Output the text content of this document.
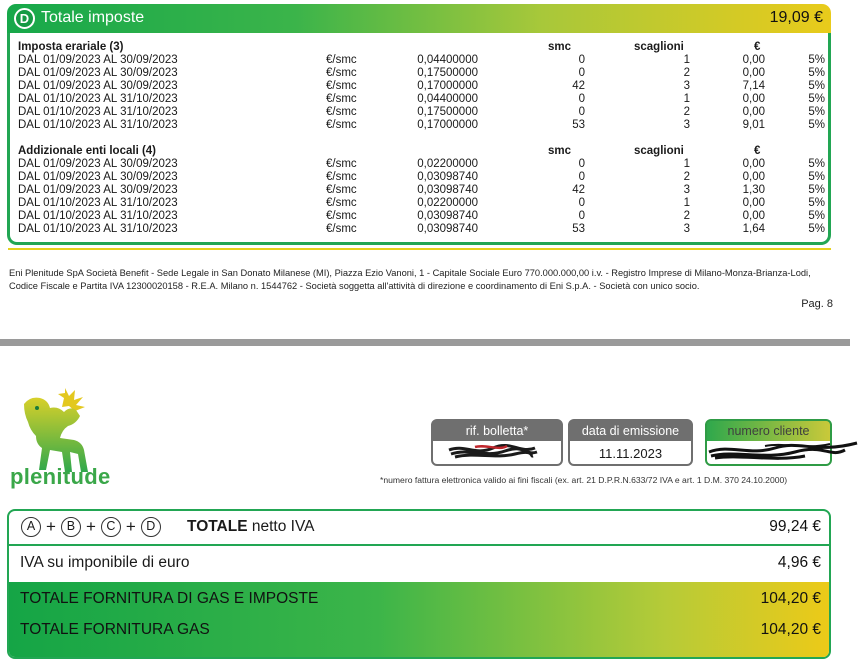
D Totale imposte	19,09 €
Imposta erariale (3)	smc	scaglioni	€
DAL 01/09/2023 AL 30/09/2023	€/smc	0,04400000	0	1	0,00	5%
DAL 01/09/2023 AL 30/09/2023	€/smc	0,17500000	0	2	0,00	5%
DAL 01/09/2023 AL 30/09/2023	€/smc	0,17000000	42	3	7,14	5%
DAL 01/10/2023 AL 31/10/2023	€/smc	0,04400000	0	1	0,00	5%
DAL 01/10/2023 AL 31/10/2023	€/smc	0,17500000	0	2	0,00	5%
DAL 01/10/2023 AL 31/10/2023	€/smc	0,17000000	53	3	9,01	5%
Addizionale enti locali (4)	smc	scaglioni	€
DAL 01/09/2023 AL 30/09/2023	€/smc	0,02200000	0	1	0,00	5%
DAL 01/09/2023 AL 30/09/2023	€/smc	0,03098740	0	2	0,00	5%
DAL 01/09/2023 AL 30/09/2023	€/smc	0,03098740	42	3	1,30	5%
DAL 01/10/2023 AL 31/10/2023	€/smc	0,02200000	0	1	0,00	5%
DAL 01/10/2023 AL 31/10/2023	€/smc	0,03098740	0	2	0,00	5%
DAL 01/10/2023 AL 31/10/2023	€/smc	0,03098740	53	3	1,64	5%
Eni Plenitude SpA Società Benefit - Sede Legale in San Donato Milanese (MI), Piazza Ezio Vanoni, 1 - Capitale Sociale Euro 770.000.000,00 i.v. - Registro Imprese di Milano-Monza-Brianza-Lodi,
Codice Fiscale e Partita IVA 12300020158 - R.E.A. Milano n. 1544762 - Società soggetta all'attività di direzione e coordinamento di Eni S.p.A. - Società con unico socio.
Pag. 8
plenitude
rif. bolletta*	data di emissione
11.11.2023
numero cliente
*numero fattura elettronica valido ai fini fiscali (ex. art. 21 D.P.R.N.633/72 IVA e art. 1 D.M. 370 24.10.2000)
A + B + C + D	TOTALE netto IVA	99,24 €
IVA su imponibile di euro	4,96 €
TOTALE FORNITURA DI GAS E IMPOSTE	104,20 €
TOTALE FORNITURA GAS	104,20 €
